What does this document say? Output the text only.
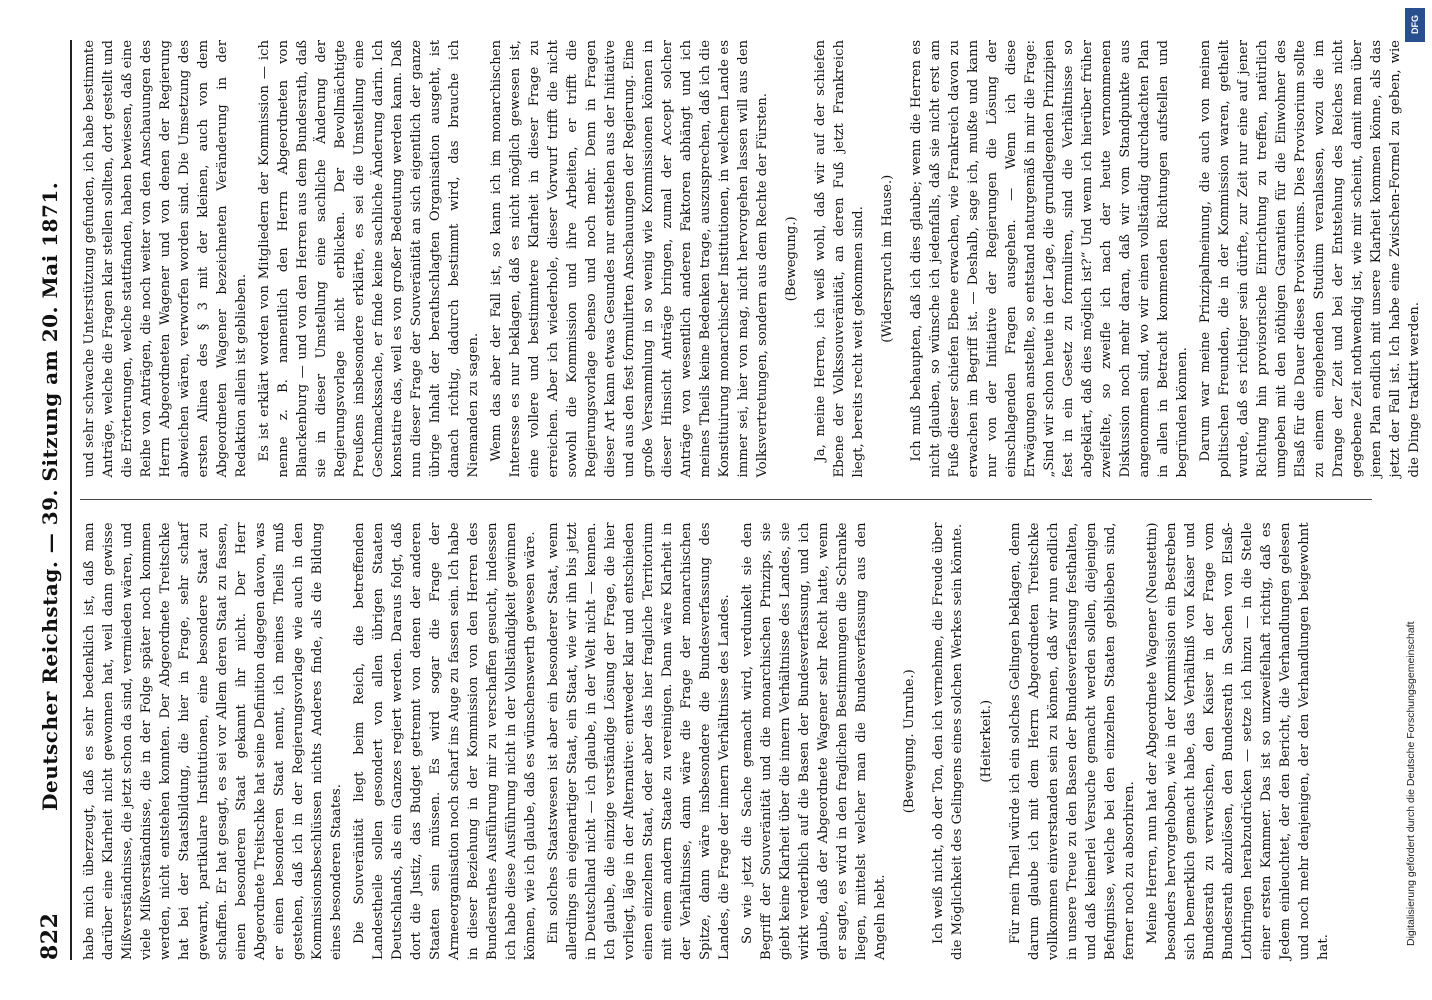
822
Deutscher Reichstag. — 39. Sitzung am 20. Mai 1871. habe mich überzeugt, daß es sehr bedenklich ist, daß man darüber eine Klarheit nicht gewonnen hat, weil dann gewisse Mißverständnisse, die jetzt schon da sind, vermieden wären, und viele Mißverständnisse, die in der Folge später noch kommen werden, nicht entstehen konnten. Der Abgeordnete Treitschke hat bei der Staatsbildung, die hier in Frage, sehr scharf gewarnt, partikulare Institutionen, eine besondere Staat zu schaffen. Er hat gesagt, es sei vor Allem deren Staat zu fassen, einen besonderen Staat gekannt ihr nicht. Der Herr Abgeordnete Treitschke hat seine Definition dagegen davon, was er einen besonderen Staat nennt, ich meines Theils muß gestehen, daß ich in der Regierungsvorlage wie auch in den Kommissionsbeschlüssen nichts Anderes finde, als die Bildung eines besonderen Staates. Die Souveränität liegt beim Reich, die betreffenden Landestheile sollen gesondert von allen übrigen Staaten Deutschlands, als ein Ganzes regiert werden. Daraus folgt, daß dort die Justiz, das Budget getrennt von denen der anderen Staaten sein müssen. Es wird sogar die Frage der Armeeorganisation noch scharf ins Auge zu fassen sein. Ich habe in dieser Beziehung in der Kommission von den Herren des Bundesrathes Ausführung mir zu verschaffen gesucht, indessen ich habe diese Ausführung nicht in der Vollständigkeit gewinnen können, wie ich glaube, daß es wünschenswerth gewesen wäre. Ein solches Staatswesen ist aber ein besonderer Staat, wenn allerdings ein eigenartiger Staat, ein Staat, wie wir ihn bis jetzt in Deutschland nicht — ich glaube, in der Welt nicht — kennen. Ich glaube, die einzige verständige Lösung der Frage, die hier vorliegt, läge in der Alternative: entweder klar und entschieden einen einzelnen Staat, oder aber das hier fragliche Territorium mit einem andern Staate zu vereinigen. Dann wäre Klarheit in der Verhältnisse, dann wäre die Frage der monarchischen Spitze, dann wäre insbesondere die Bundesverfassung des Landes, die Frage der innern Verhältnisse des Landes. So wie jetzt die Sache gemacht wird, verdunkelt sie den Begriff der Souveränität und die monarchischen Prinzips, sie giebt keine Klarheit über die innern Verhältnisse des Landes, sie wirkt verderblich auf die Basen der Bundesverfassung, und ich glaube, daß der Abgeordnete Wagener sehr Recht hatte, wenn er sagte, es wird in den fraglichen Bestimmungen die Schranke liegen, mittelst welcher man die Bundesverfassung aus den Angeln hebt.

(Bewegung. Unruhe.) Ich weiß nicht, ob der Ton, den ich vernehme, die Freude über die Möglichkeit des Gelingens eines solchen Werkes sein könnte. (Heiterkeit.) Für mein Theil würde ich ein solches Gelingen beklagen, denn darum glaube ich mit dem Herrn Abgeordneten Treitschke vollkommen einverstanden sein zu können, daß wir nun endlich in unsere Treue zu den Basen der Bundesverfassung festhalten, und daß keinerlei Versuche gemacht werden sollen, diejenigen Befugnisse, welche bei den einzelnen Staaten geblieben sind, ferner noch zu absorbiren. Meine Herren, nun hat der Abgeordnete Wagener (Neustettin) besonders hervorgehoben, wie in der Kommission ein Bestreben sich bemerklich gemacht habe, das Verhältniß von Kaiser und Bundesrath zu verwischen, den Kaiser in der Frage vom Bundesrath abzulösen, den Bundesrath in Sachen von Elsaß-Lothringen herabzudrücken — setze ich hinzu — in die Stelle einer ersten Kammer. Das ist so unzweifelhaft richtig, daß es Jedem einleuchtet, der den Bericht, die Verhandlungen gelesen und noch mehr denjenigen, der den Verhandlungen beigewohnt hat.

und sehr schwache Unterstützung gefunden, ich habe bestimmte Anträge, welche die Fragen klar stellen sollten, dort gestellt und die Erörterungen, welche stattfanden, haben bewiesen, daß eine Reihe von Anträgen, die noch weiter von den Anschauungen des Herrn Abgeordneten Wagener und von denen der Regierung abweichen wären, verworfen worden sind. Die Umsetzung des ersten Alinea des § 3 mit der kleinen, auch von dem Abgeordneten Wagener bezeichneten Veränderung in der Redaktion allein ist geblieben. Es ist erklärt worden von Mitgliedern der Kommission — ich nenne z. B. namentlich den Herrn Abgeordneten von Blanckenburg — und von den Herren aus dem Bundesrath, daß sie in dieser Umstellung eine sachliche Änderung der Regierungsvorlage nicht erblicken. Der Bevollmächtigte Preußens insbesondere erklärte, es sei die Umstellung eine Geschmackssache, er finde keine sachliche Änderung darin. Ich konstatire das, weil es von großer Bedeutung werden kann. Daß nun dieser Frage der Souveränität an sich eigentlich der ganze übrige Inhalt der berathschlagten Organisation ausgeht, ist danach richtig, dadurch bestimmt wird, das brauche ich Niemanden zu sagen. Wenn das aber der Fall ist, so kann ich im monarchischen Interesse es nur beklagen, daß es nicht möglich gewesen ist, eine vollere und bestimmtere Klarheit in dieser Frage zu erreichen. Aber ich wiederhole, dieser Vorwurf trifft die nicht sowohl die Kommission und ihre Arbeiten, er trifft die Regierungsvorlage ebenso und noch mehr. Denn in Fragen dieser Art kann etwas Gesundes nur entstehen aus der Initiative und aus den fest formulirten Anschauungen der Regierung. Eine große Versammlung in so wenig wie Kommissionen können in dieser Hinsicht Anträge bringen, zumal der Accept solcher Anträge von wesentlich anderen Faktoren abhängt und ich meines Theils keine Bedenken trage, auszusprechen, daß ich die Konstituirung monarchischer Institutionen, in welchem Lande es immer sei, hier von mag, nicht hervorgehen lassen will aus den Volksvertretungen, sondern aus dem Rechte der Fürsten. (Bewegung.) Ja, meine Herren, ich weiß wohl, daß wir auf der schiefen Ebene der Volkssouveränität, an deren Fuß jetzt Frankreich liegt, bereits recht weit gekommen sind. (Widerspruch im Hause.) Ich muß behaupten, daß ich dies glaube; wenn die Herren es nicht glauben, so wünsche ich jedenfalls, daß sie nicht erst am Fuße dieser schiefen Ebene erwachen, wie Frankreich davon zu erwachen im Begriff ist. — Deshalb, sage ich, mußte und kann nur von der Initiative der Regierungen die Lösung der einschlagenden Fragen ausgehen. — Wenn ich diese Erwägungen anstellte, so entstand naturgemäß in mir die Frage: „Sind wir schon heute in der Lage, die grundlegenden Prinzipien fest in ein Gesetz zu formuliren, sind die Verhältnisse so abgeklärt, daß dies möglich ist?“ Und wenn ich hierüber früher zweifelte, so zweifle ich nach der heute vernommenen Diskussion noch mehr daran, daß wir vom Standpunkte aus angenommen sind, wo wir einen vollständig durchdachten Plan in allen in Betracht kommenden Richtungen aufstellen und begründen können. Darum war meine Prinzipalmeinung, die auch von meinen politischen Freunden, die in der Kommission waren, getheilt wurde, daß es richtiger sein dürfte, zur Zeit nur eine auf jener Richtung hin provisorische Einrichtung zu treffen, natürlich umgeben mit den nöthigen Garantien für die Einwohner des Elsaß für die Dauer dieses Provisoriums. Dies Provisorium sollte zu einem eingehenden Studium veranlassen, wozu die im Drange der Zeit und bei der Entstehung des Reiches nicht gegebene Zeit nothwendig ist, wie mir scheint, damit man über jenen Plan endlich mit unsere Klarheit kommen könne, als das jetzt der Fall ist. Ich habe eine Zwischen-Formel zu geben, wie die Dinge traktirt werden.

DFG
Digitalisierung gefördert durch die Deutsche Forschungsgemeinschaft
